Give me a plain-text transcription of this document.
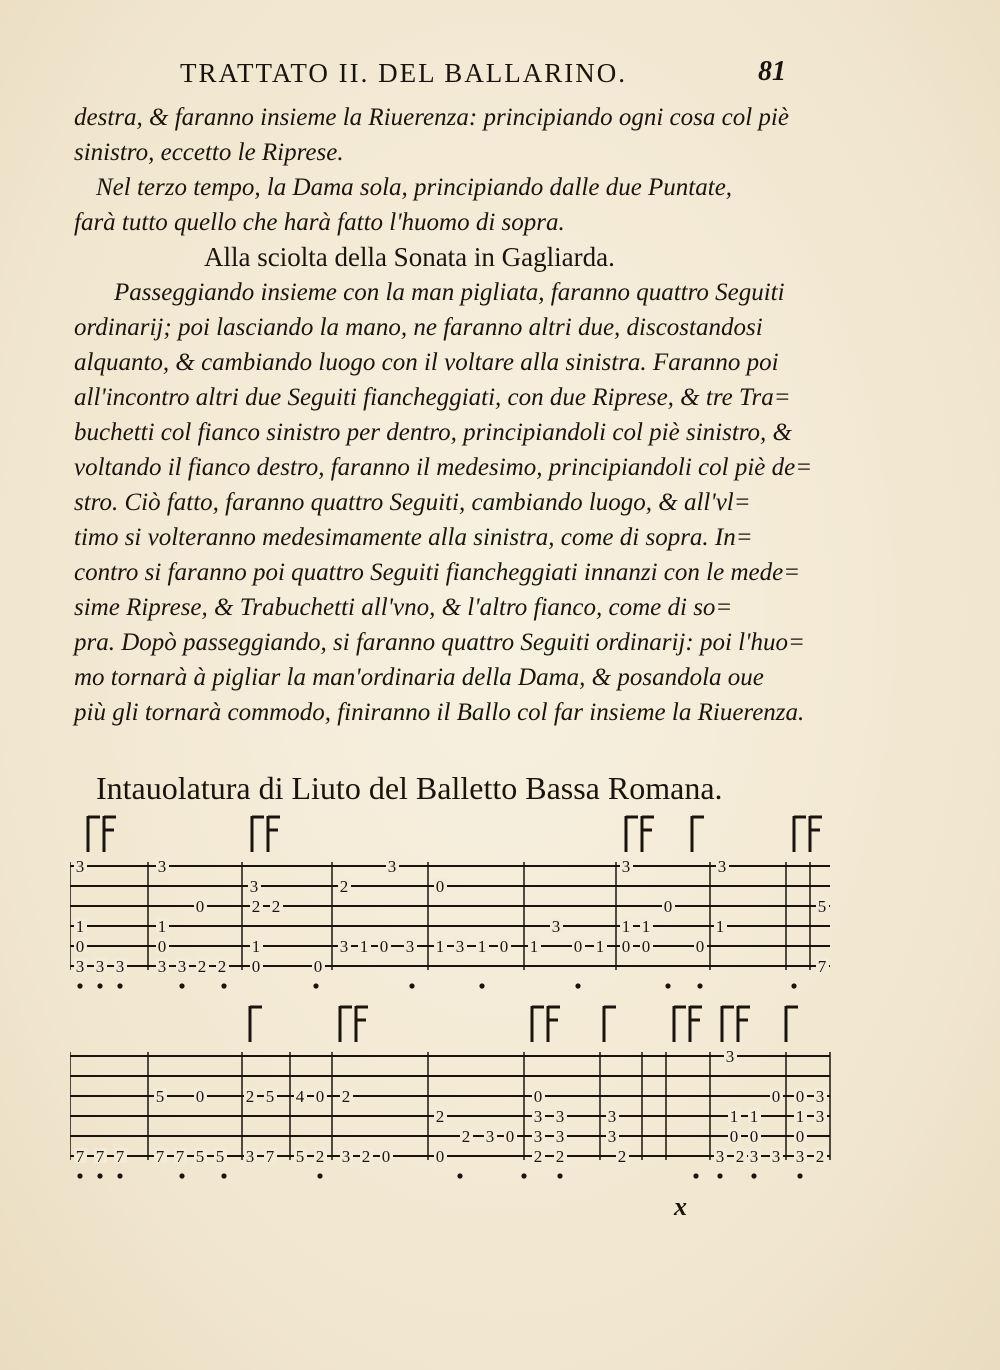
TRATTATO II. DEL BALLARINO.	81
destra, & faranno insieme la Riuerenza: principiando ogni cosa col piè
sinistro, eccetto le Riprese.
Nel terzo tempo, la Dama sola, principiando dalle due Puntate,
farà tutto quello che harà fatto l'huomo di sopra.
Alla sciolta della Sonata in Gagliarda.
Passeggiando insieme con la man pigliata, faranno quattro Seguiti
ordinarij; poi lasciando la mano, ne faranno altri due, discostandosi
alquanto, & cambiando luogo con il voltare alla sinistra. Faranno poi
all'incontro altri due Seguiti fiancheggiati, con due Riprese, & tre Tra=
buchetti col fianco sinistro per dentro, principiandoli col piè sinistro, &
voltando il fianco destro, faranno il medesimo, principiandoli col piè de=
stro. Ciò fatto, faranno quattro Seguiti, cambiando luogo, & all'vl=
timo si volteranno medesimamente alla sinistra, come di sopra. In=
contro si faranno poi quattro Seguiti fiancheggiati innanzi con le mede=
sime Riprese, & Trabuchetti all'vno, & l'altro fianco, come di so=
pra. Dopò passeggiando, si faranno quattro Seguiti ordinarij: poi l'huo=
mo tornarà à pigliar la man'ordinaria della Dama, & posandola oue
più gli tornarà commodo, finiranno il Ballo col far insieme la Riuerenza.
Intauolatura di Liuto del Balletto Bassa Romana.
3
1
0
3 3 3
3
1
0
3 3 2
0
2
3
2
1
0
2
0
2
3 1 0
3
3
0
1 3 1 0 1
3
0 1
3
1
0
1
0
0
0
3
1
5
7
7 7 7
5
7 7
0
5 5
2
3
5
7
4
5
0
2
2
3 2 0
2
0
2 3 0
0
3
3
2
3
3
2
3
3
2	3 2
3
1
0
1
0
3
0
3
0
1
0
3
3
3
2
x
